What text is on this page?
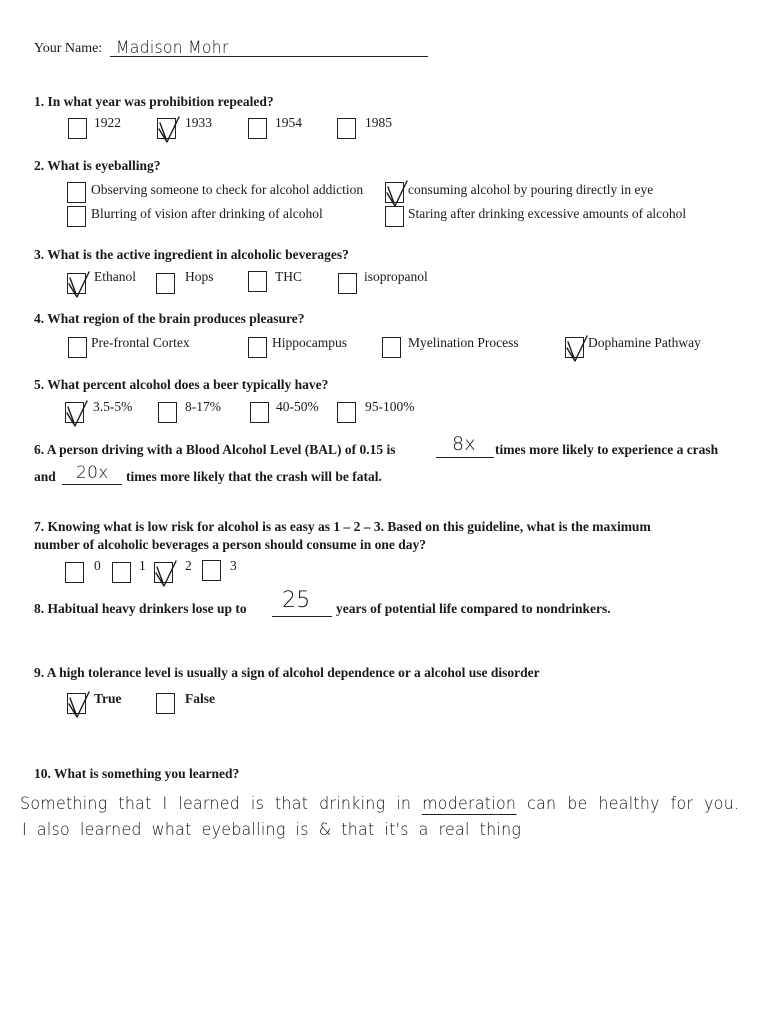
Your Name: Madison Mohr
1. In what year was prohibition repealed?
1922	1933	1954	1985
2. What is eyeballing?
Observing someone to check for alcohol addiction	consuming alcohol by pouring directly in eye
Blurring of vision after drinking of alcohol	Staring after drinking excessive amounts of alcohol
3. What is the active ingredient in alcoholic beverages?
Ethanol	Hops	THC	isopropanol
4. What region of the brain produces pleasure?
Pre-frontal Cortex	Hippocampus	Myelination Process	Dophamine Pathway
5. What percent alcohol does a beer typically have?
3.5-5%	8-17%	40-50%	95-100%
6. A person driving with a Blood Alcohol Level (BAL) of 0.15 is	8x times more likely to experience a crash
and 20x times more likely that the crash will be fatal.
7. Knowing what is low risk for alcohol is as easy as 1 – 2 – 3. Based on this guideline, what is the maximum
number of alcoholic beverages a person should consume in one day?
0	1	2	3
8. Habitual heavy drinkers lose up to 25 years of potential life compared to nondrinkers.
9. A high tolerance level is usually a sign of alcohol dependence or a alcohol use disorder
True	False
10. What is something you learned?
Something that I learned is that drinking in moderation can be healthy for you.
I also learned what eyeballing is & that it's a real thing
